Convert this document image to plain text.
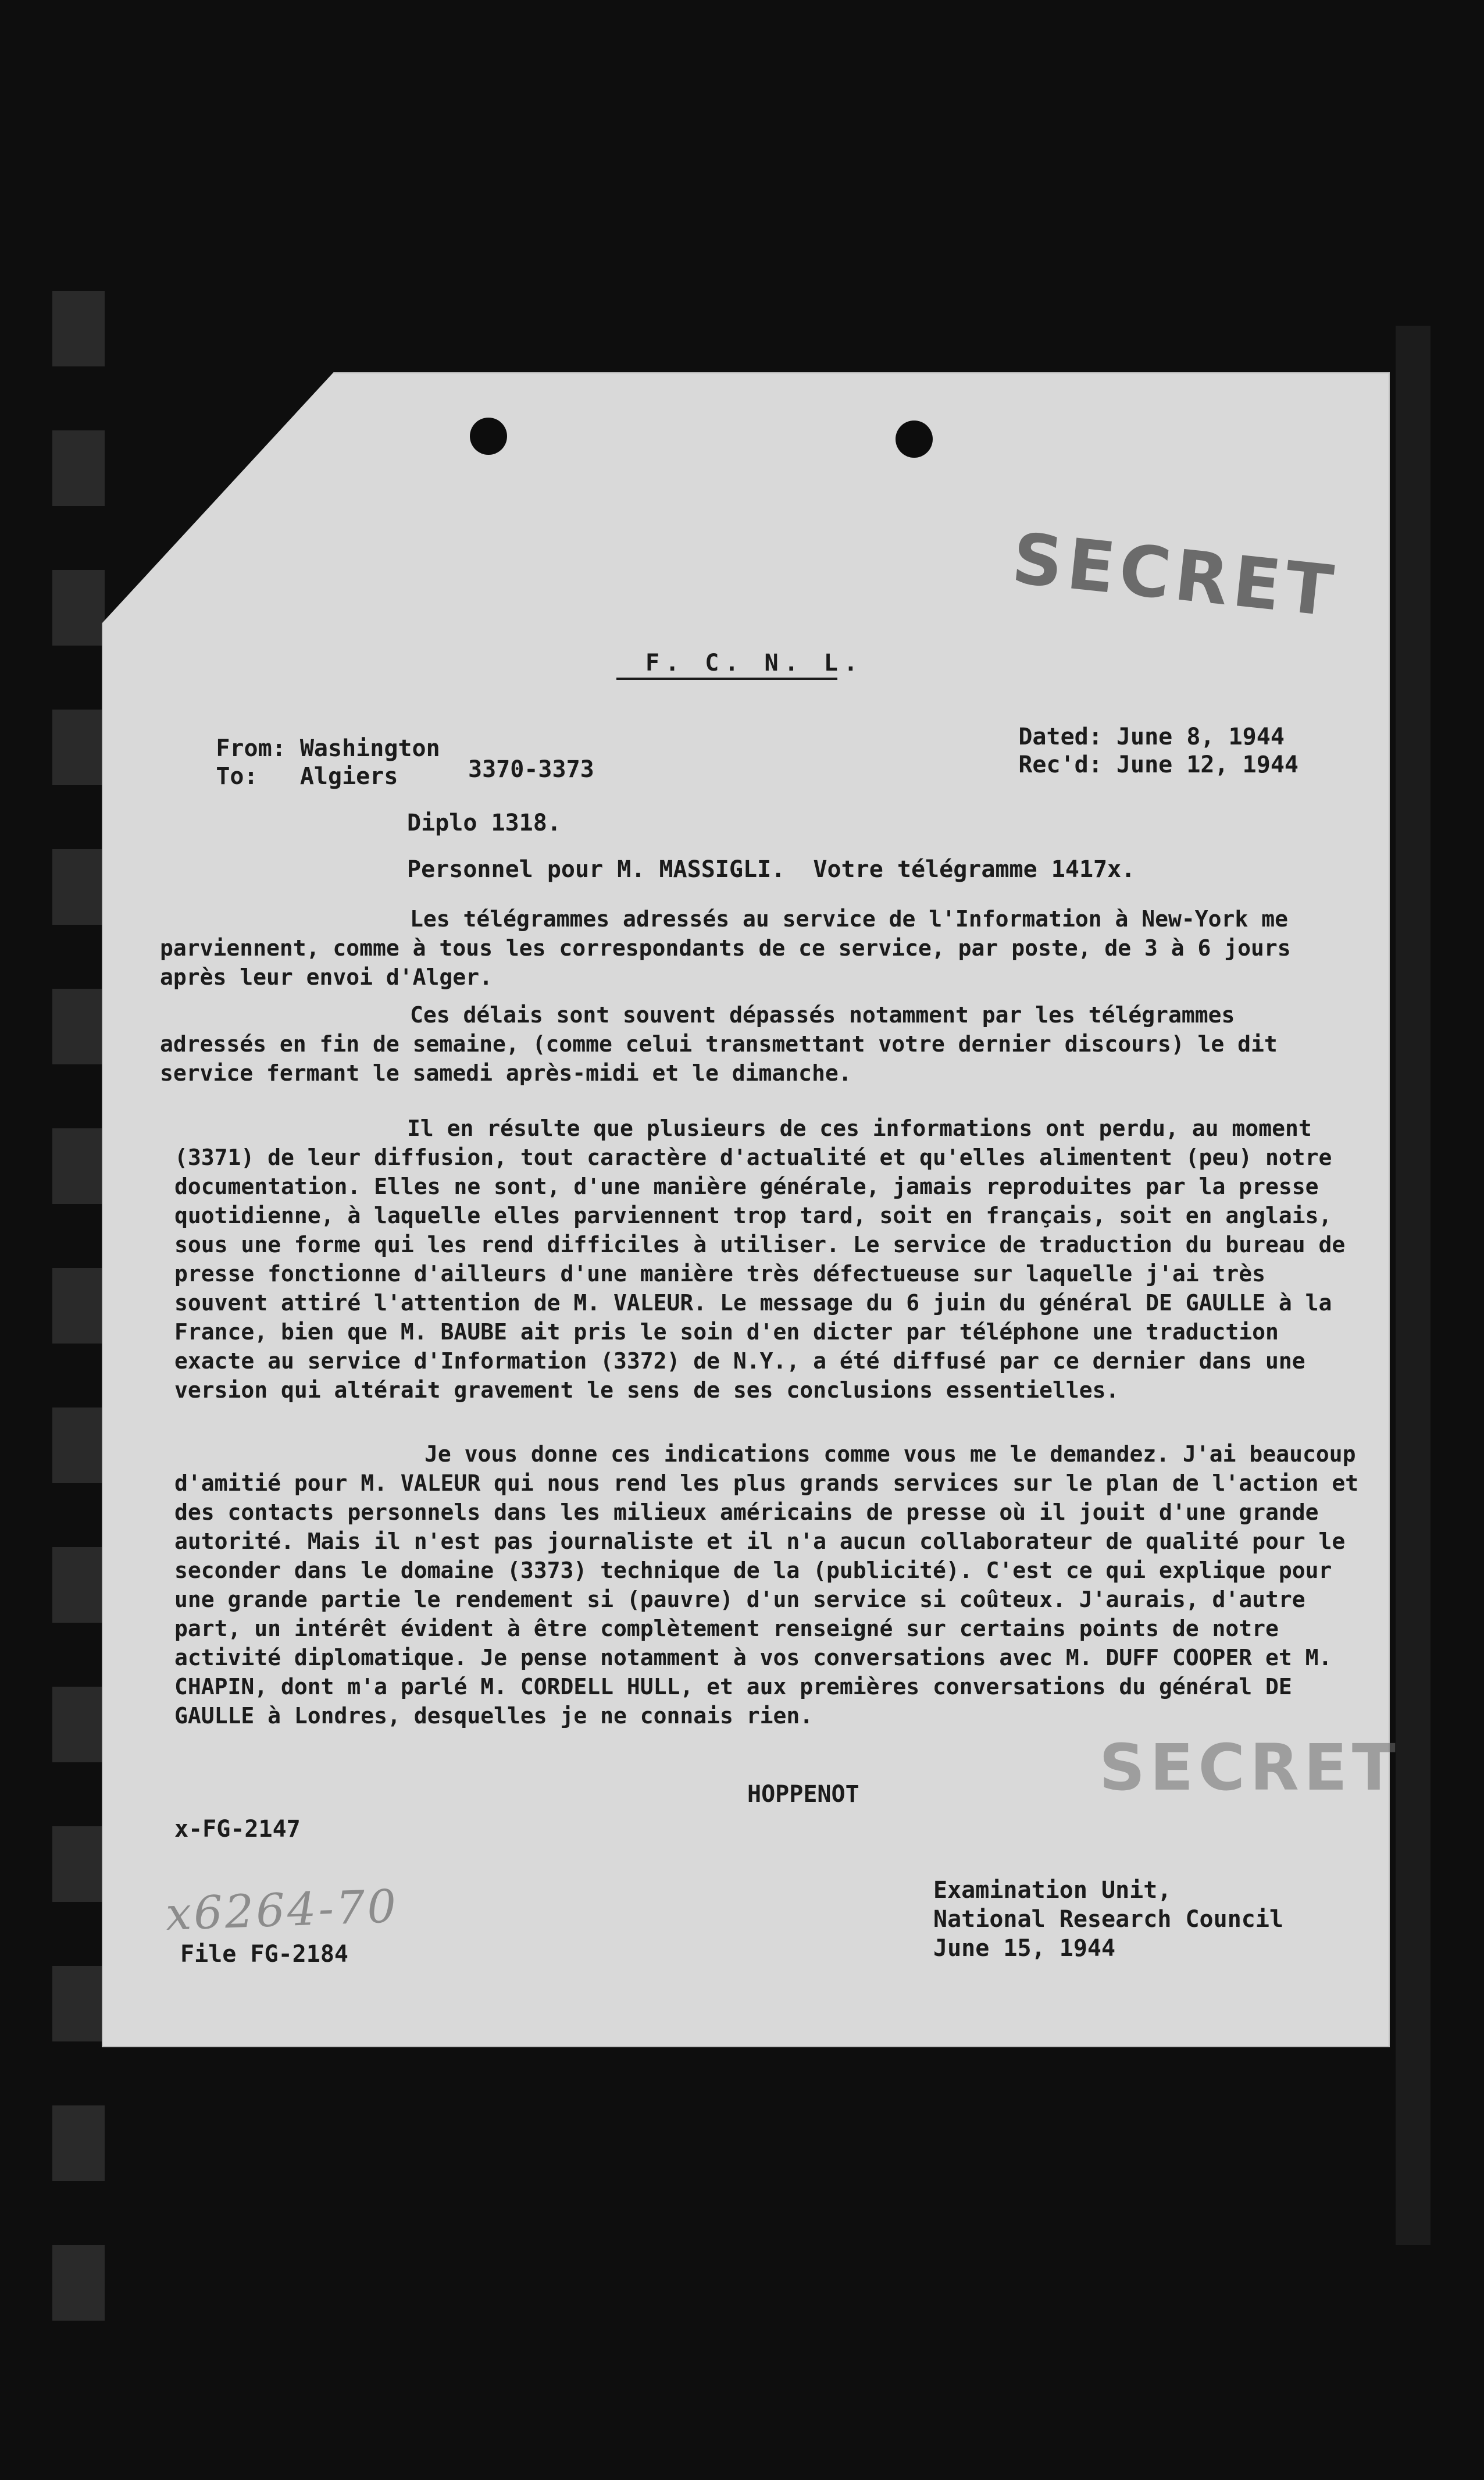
SECRET
F. C. N. L.

From: Washington

To: Algiers

Dated: June 8, 1944

Rec'd: June 12, 1944

3370-3373
Diplo 1318.
Personnel pour M. MASSIGLI.  Votre télégramme 1417x.
Les télégrammes adressés au service de l'Information à New-York me parviennent, comme à tous les correspondants de ce service, par poste, de 3 à 6 jours après leur envoi d'Alger.
Ces délais sont souvent dépassés notamment par les télégrammes adressés en fin de semaine, (comme celui transmettant votre dernier discours) le dit service fermant le samedi après-midi et le dimanche.
Il en résulte que plusieurs de ces informations ont perdu, au moment (3371) de leur diffusion, tout caractère d'actualité et qu'elles alimentent (peu) notre documentation. Elles ne sont, d'une manière générale, jamais reproduites par la presse quotidienne, à laquelle elles parviennent trop tard, soit en français, soit en anglais, sous une forme qui les rend difficiles à utiliser. Le service de traduction du bureau de presse fonctionne d'ailleurs d'une manière très défectueuse sur laquelle j'ai très souvent attiré l'attention de M. VALEUR. Le message du 6 juin du général DE GAULLE à la France, bien que M. BAUBE ait pris le soin d'en dicter par téléphone une traduction exacte au service d'Information (3372) de N.Y., a été diffusé par ce dernier dans une version qui altérait gravement le sens de ses conclusions essentielles.
Je vous donne ces indications comme vous me le demandez. J'ai beaucoup d'amitié pour M. VALEUR qui nous rend les plus grands services sur le plan de l'action et des contacts personnels dans les milieux américains de presse où il jouit d'une grande autorité. Mais il n'est pas journaliste et il n'a aucun collaborateur de qualité pour le seconder dans le domaine (3373) technique de la (publicité). C'est ce qui explique pour une grande partie le rendement si (pauvre) d'un service si coûteux. J'aurais, d'autre part, un intérêt évident à être complètement renseigné sur certains points de notre activité diplomatique. Je pense notamment à vos conversations avec M. DUFF COOPER et M. CHAPIN, dont m'a parlé M. CORDELL HULL, et aux premières conversations du général DE GAULLE à Londres, desquelles je ne connais rien.
SECRET
HOPPENOT
x-FG-2147
x6264-70
File FG-2184
Examination Unit,
National Research Council
June 15, 1944
